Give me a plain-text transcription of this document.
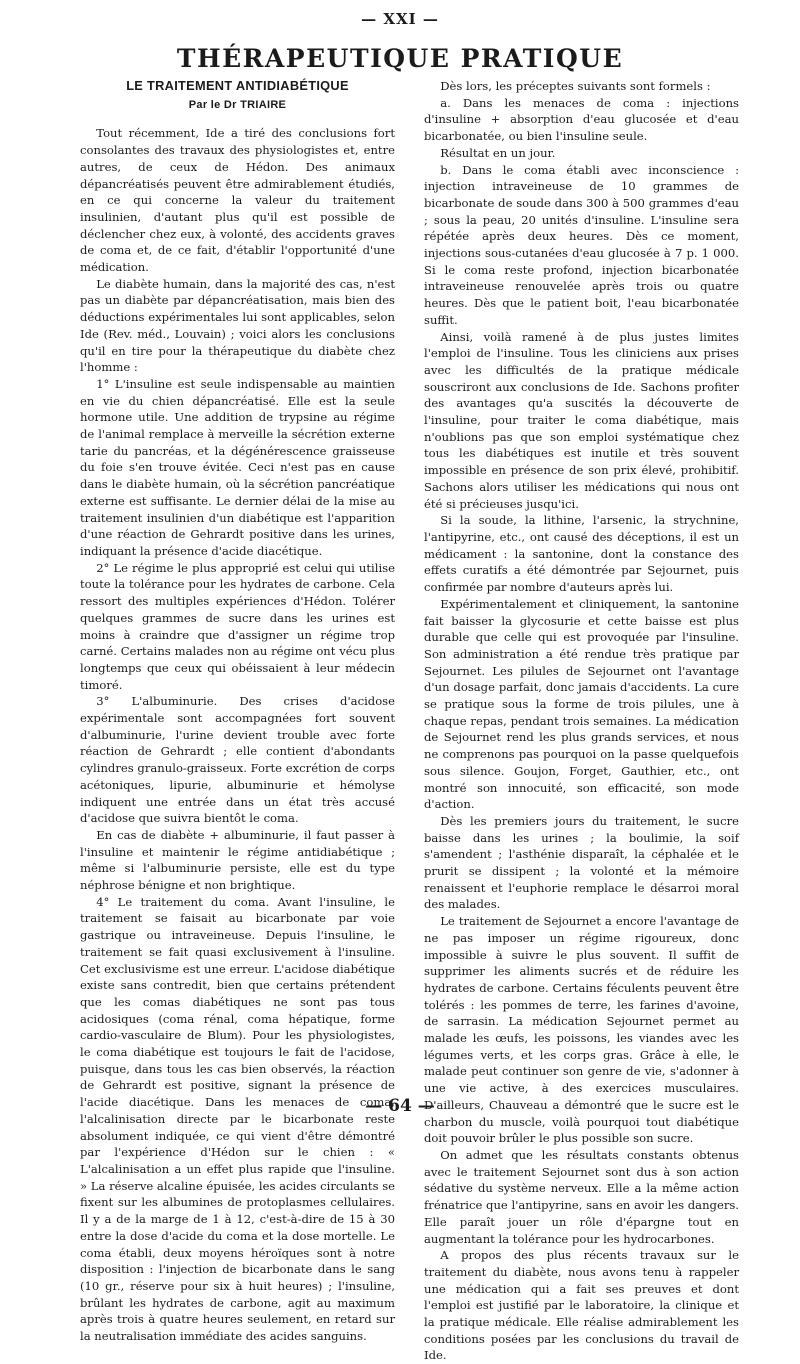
— XXI —
THÉRAPEUTIQUE PRATIQUE
LE TRAITEMENT ANTIDIABÉTIQUE
Par le Dr TRIAIRE

Tout récemment, Ide a tiré des conclusions fort consolantes des travaux des physiologistes et, entre autres, de ceux de Hédon. Des animaux dépancréatisés peuvent être admirablement étudiés, en ce qui concerne la valeur du traitement insulinien, d'autant plus qu'il est possible de déclencher chez eux, à volonté, des accidents graves de coma et, de ce fait, d'établir l'opportunité d'une médication.

Le diabète humain, dans la majorité des cas, n'est pas un diabète par dépancréatisation, mais bien des déductions expérimentales lui sont applicables, selon Ide (Rev. méd., Louvain) ; voici alors les conclusions qu'il en tire pour la thérapeutique du diabète chez l'homme :

1° L'insuline est seule indispensable au maintien en vie du chien dépancréatisé. Elle est la seule hormone utile. Une addition de trypsine au régime de l'animal remplace à merveille la sécrétion externe tarie du pancréas, et la dégénérescence graisseuse du foie s'en trouve évitée. Ceci n'est pas en cause dans le diabète humain, où la sécrétion pancréatique externe est suffisante. Le dernier délai de la mise au traitement insulinien d'un diabétique est l'apparition d'une réaction de Gehrardt positive dans les urines, indiquant la présence d'acide diacétique.

2° Le régime le plus approprié est celui qui utilise toute la tolérance pour les hydrates de carbone. Cela ressort des multiples expériences d'Hédon. Tolérer quelques grammes de sucre dans les urines est moins à craindre que d'assigner un régime trop carné. Certains malades non au régime ont vécu plus longtemps que ceux qui obéissaient à leur médecin timoré.

3° L'albuminurie. Des crises d'acidose expérimentale sont accompagnées fort souvent d'albuminurie, l'urine devient trouble avec forte réaction de Gehrardt ; elle contient d'abondants cylindres granulo-graisseux. Forte excrétion de corps acétoniques, lipurie, albuminurie et hémolyse indiquent une entrée dans un état très accusé d'acidose que suivra bientôt le coma.

En cas de diabète + albuminurie, il faut passer à l'insuline et maintenir le régime antidiabétique ; même si l'albuminurie persiste, elle est du type néphrose bénigne et non brightique.

4° Le traitement du coma. Avant l'insuline, le traitement se faisait au bicarbonate par voie gastrique ou intraveineuse. Depuis l'insuline, le traitement se fait quasi exclusivement à l'insuline. Cet exclusivisme est une erreur. L'acidose diabétique existe sans contredit, bien que certains prétendent que les comas diabétiques ne sont pas tous acidosiques (coma rénal, coma hépatique, forme cardio-vasculaire de Blum). Pour les physiologistes, le coma diabétique est toujours le fait de l'acidose, puisque, dans tous les cas bien observés, la réaction de Gehrardt est positive, signant la présence de l'acide diacétique. Dans les menaces de coma, l'alcalinisation directe par le bicarbonate reste absolument indiquée, ce qui vient d'être démontré par l'expérience d'Hédon sur le chien : « L'alcalinisation a un effet plus rapide que l'insuline. » La réserve alcaline épuisée, les acides circulants se fixent sur les albumines de protoplasmes cellulaires. Il y a de la marge de 1 à 12, c'est-à-dire de 15 à 30 entre la dose d'acide du coma et la dose mortelle. Le coma établi, deux moyens héroïques sont à notre disposition : l'injection de bicarbonate dans le sang (10 gr., réserve pour six à huit heures) ; l'insuline, brûlant les hydrates de carbone, agit au maximum après trois à quatre heures seulement, en retard sur la neutralisation immédiate des acides sanguins.

Dès lors, les préceptes suivants sont formels :

a. Dans les menaces de coma : injections d'insuline + absorption d'eau glucosée et d'eau bicarbonatée, ou bien l'insuline seule.

Résultat en un jour.

b. Dans le coma établi avec inconscience : injection intraveineuse de 10 grammes de bicarbonate de soude dans 300 à 500 grammes d'eau ; sous la peau, 20 unités d'insuline. L'insuline sera répétée après deux heures. Dès ce moment, injections sous-cutanées d'eau glucosée à 7 p. 1 000. Si le coma reste profond, injection bicarbonatée intraveineuse renouvelée après trois ou quatre heures. Dès que le patient boit, l'eau bicarbonatée suffit.

Ainsi, voilà ramené à de plus justes limites l'emploi de l'insuline. Tous les cliniciens aux prises avec les difficultés de la pratique médicale souscriront aux conclusions de Ide. Sachons profiter des avantages qu'a suscités la découverte de l'insuline, pour traiter le coma diabétique, mais n'oublions pas que son emploi systématique chez tous les diabétiques est inutile et très souvent impossible en présence de son prix élevé, prohibitif. Sachons alors utiliser les médications qui nous ont été si précieuses jusqu'ici.

Si la soude, la lithine, l'arsenic, la strychnine, l'antipyrine, etc., ont causé des déceptions, il est un médicament : la santonine, dont la constance des effets curatifs a été démontrée par Sejournet, puis confirmée par nombre d'auteurs après lui.

Expérimentalement et cliniquement, la santonine fait baisser la glycosurie et cette baisse est plus durable que celle qui est provoquée par l'insuline. Son administration a été rendue très pratique par Sejournet. Les pilules de Sejournet ont l'avantage d'un dosage parfait, donc jamais d'accidents. La cure se pratique sous la forme de trois pilules, une à chaque repas, pendant trois semaines. La médication de Sejournet rend les plus grands services, et nous ne comprenons pas pourquoi on la passe quelquefois sous silence. Goujon, Forget, Gauthier, etc., ont montré son innocuité, son efficacité, son mode d'action.

Dès les premiers jours du traitement, le sucre baisse dans les urines ; la boulimie, la soif s'amendent ; l'asthénie disparaît, la céphalée et le prurit se dissipent ; la volonté et la mémoire renaissent et l'euphorie remplace le désarroi moral des malades.

Le traitement de Sejournet a encore l'avantage de ne pas imposer un régime rigoureux, donc impossible à suivre le plus souvent. Il suffit de supprimer les aliments sucrés et de réduire les hydrates de carbone. Certains féculents peuvent être tolérés : les pommes de terre, les farines d'avoine, de sarrasin. La médication Sejournet permet au malade les œufs, les poissons, les viandes avec les légumes verts, et les corps gras. Grâce à elle, le malade peut continuer son genre de vie, s'adonner à une vie active, à des exercices musculaires. D'ailleurs, Chauveau a démontré que le sucre est le charbon du muscle, voilà pourquoi tout diabétique doit pouvoir brûler le plus possible son sucre.

On admet que les résultats constants obtenus avec le traitement Sejournet sont dus à son action sédative du système nerveux. Elle a la même action frénatrice que l'antipyrine, sans en avoir les dangers. Elle paraît jouer un rôle d'épargne tout en augmentant la tolérance pour les hydrocarbones.

A propos des plus récents travaux sur le traitement du diabète, nous avons tenu à rappeler une médication qui a fait ses preuves et dont l'emploi est justifié par le laboratoire, la clinique et la pratique médicale. Elle réalise admirablement les conditions posées par les conclusions du travail de Ide.

— 64 —
